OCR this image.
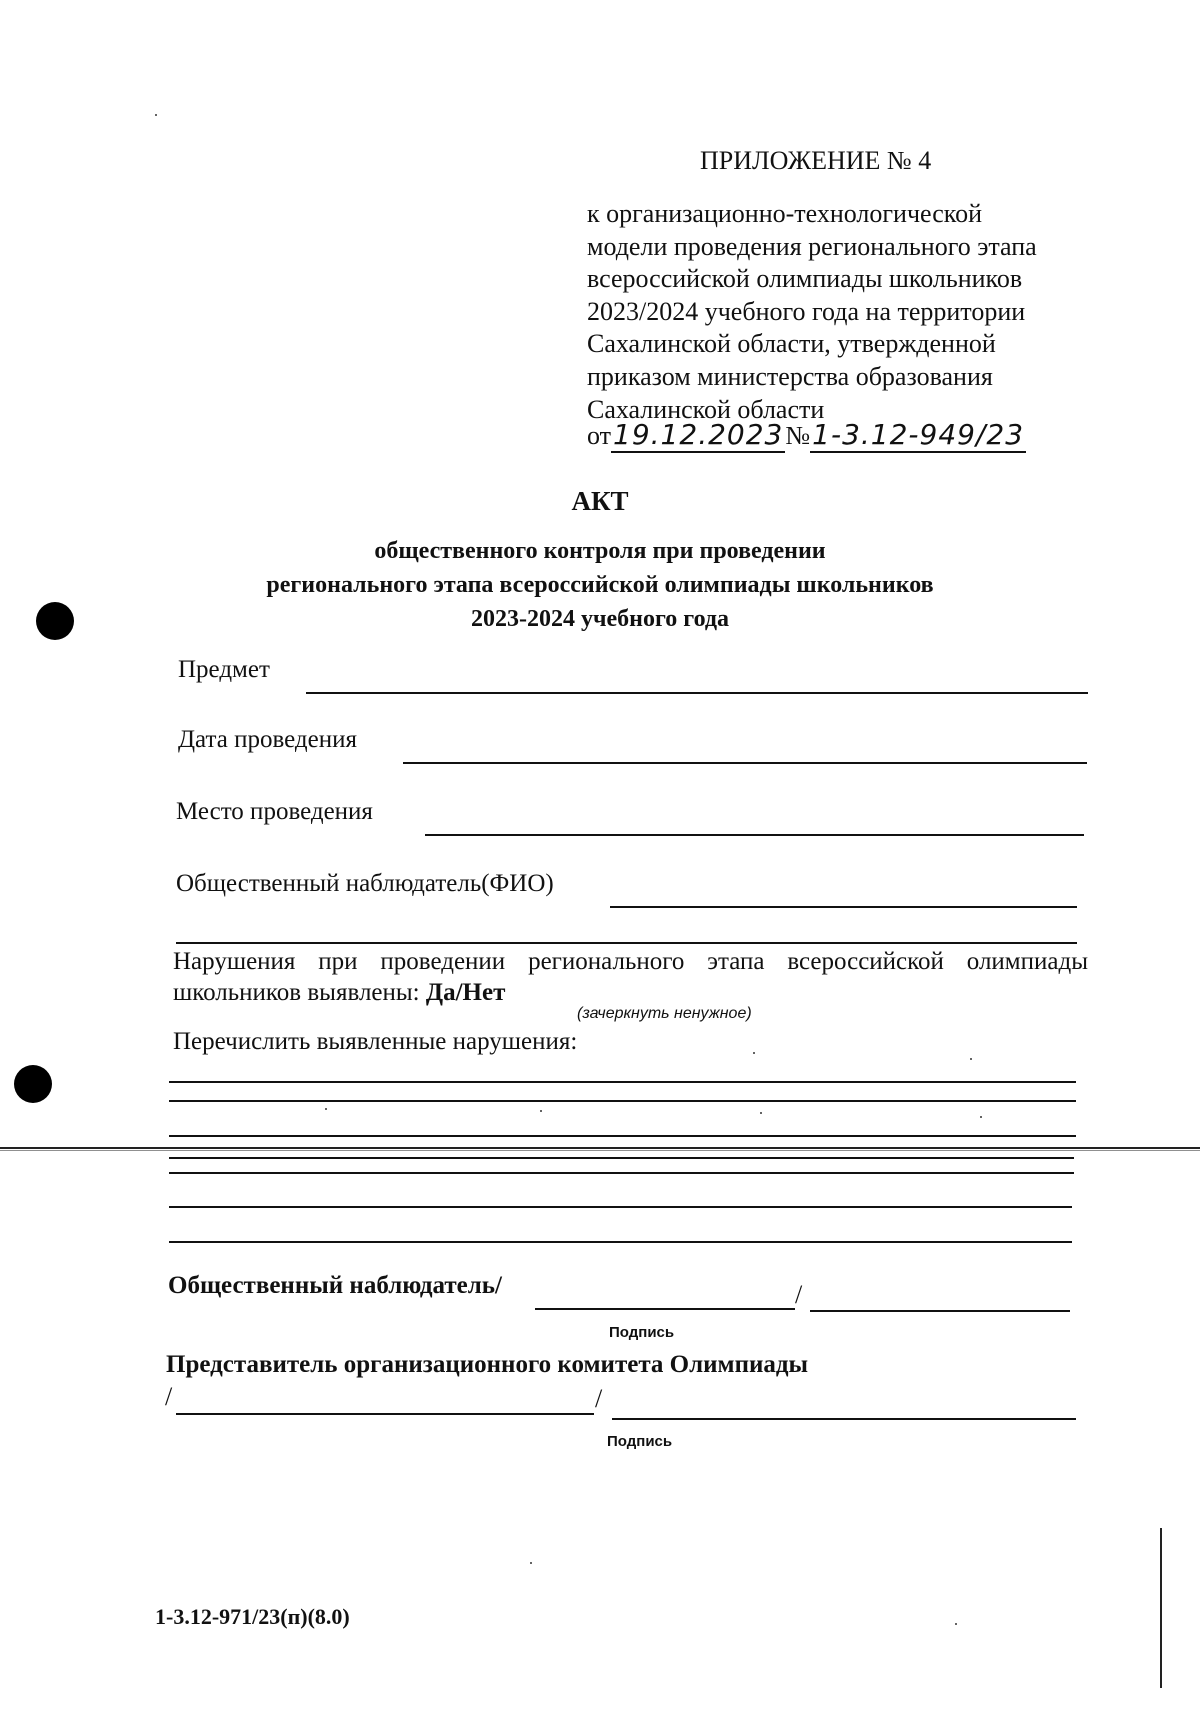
ПРИЛОЖЕНИЕ № 4
к организационно-технологической
модели проведения регионального этапа
всероссийской олимпиады школьников
2023/2024 учебного года на территории
Сахалинской области, утвержденной
приказом министерства образования
Сахалинской области
от 19.12.2023 № 1-3.12-949/23
АКТ
общественного контроля при проведении
регионального этапа всероссийской олимпиады школьников
2023-2024 учебного года
Предмет
Дата проведения
Место проведения
Общественный наблюдатель(ФИО)
Нарушения при проведении регионального этапа всероссийской олимпиады школьников выявлены: Да/Нет
(зачеркнуть ненужное)
Перечислить выявленные нарушения:
Общественный наблюдатель/	/
Подпись
Представитель организационного комитета Олимпиады
/	/
Подпись
1-3.12-971/23(п)(8.0)
